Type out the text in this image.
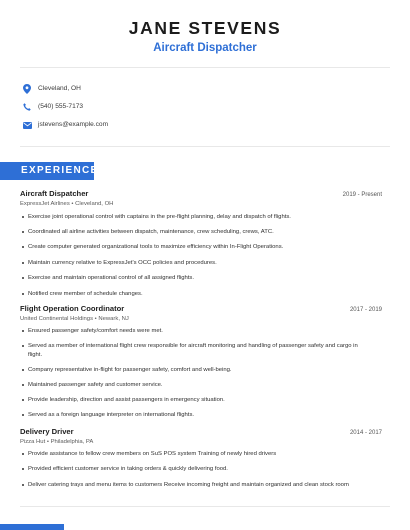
JANE STEVENS
Aircraft Dispatcher
Cleveland, OH
(540) 555-7173
jstevens@example.com
EXPERIENCE
Aircraft Dispatcher	2019 - Present
ExpressJet Airlines • Cleveland, OH
Exercise joint operational control with captains in the pre-flight planning, delay and dispatch of flights.
Coordinated all airline activities between dispatch, maintenance, crew scheduling, crews, ATC.
Create computer generated organizational tools to maximize efficiency within In-Flight Operations.
Maintain currency relative to ExpressJet's OCC policies and procedures.
Exercise and maintain operational control of all assigned flights.
Notified crew member of schedule changes.
Flight Operation Coordinator	2017 - 2019
United Continental Holdings • Newark, NJ
Ensured passenger safety/comfort needs were met.
Served as member of international flight crew responsible for aircraft monitoring and handling of passenger safety and cargo in flight.
Company representative in-flight for passenger safety, comfort and well-being.
Maintained passenger safety and customer service.
Provide leadership, direction and assist passengers in emergency situation.
Served as a foreign language interpreter on international flights.
Delivery Driver	2014 - 2017
Pizza Hut • Philadelphia, PA
Provide assistance to fellow crew members on SuS POS system Training of newly hired drivers
Provided efficient customer service in taking orders & quickly delivering food.
Deliver catering trays and menu items to customers Receive incoming freight and maintain organized and clean stock room
